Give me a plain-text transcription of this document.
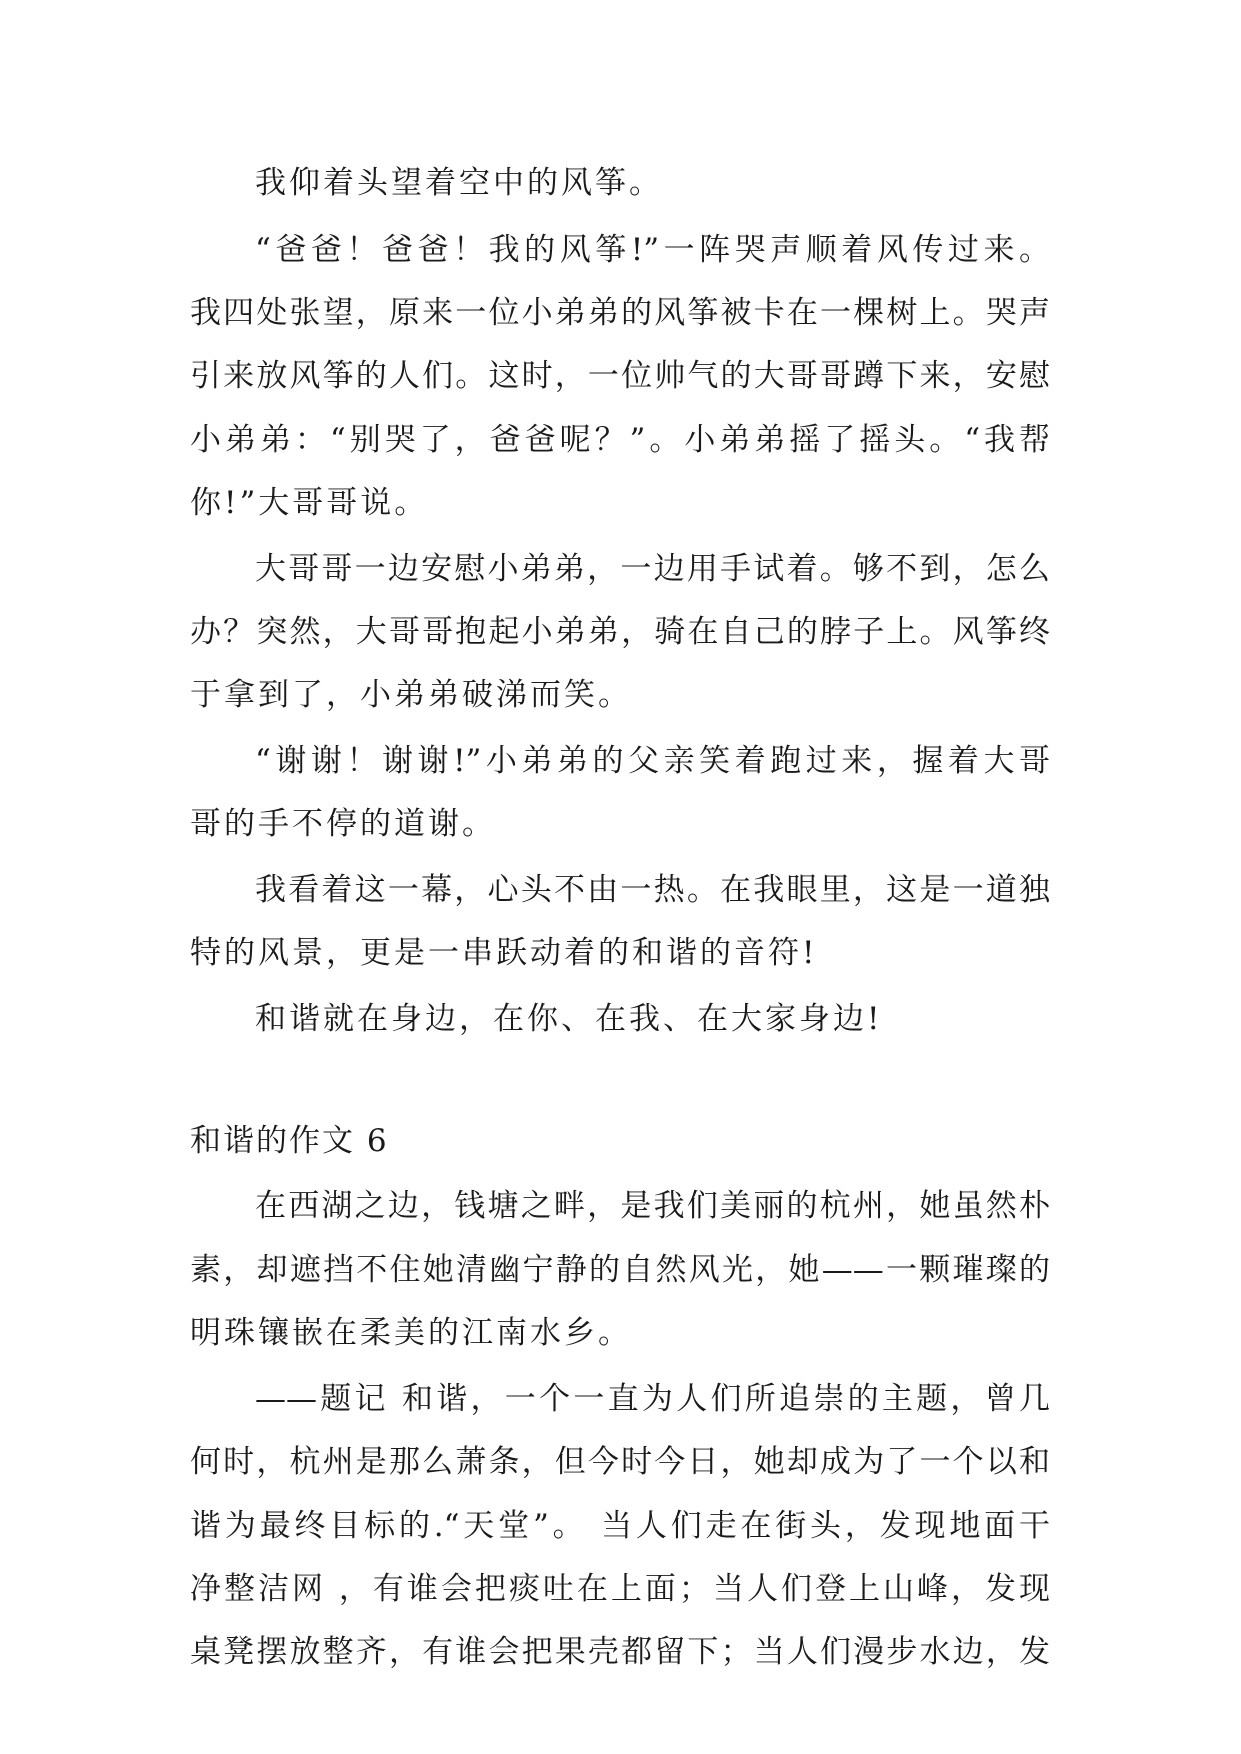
我仰着头望着空中的风筝。
“爸爸！爸爸！我的风筝!”一阵哭声顺着风传过来。
我四处张望，原来一位小弟弟的风筝被卡在一棵树上。哭声
引来放风筝的人们。这时，一位帅气的大哥哥蹲下来，安慰
小弟弟：“别哭了，爸爸呢？”。小弟弟摇了摇头。“我帮
你!”大哥哥说。
大哥哥一边安慰小弟弟，一边用手试着。够不到，怎么
办？突然，大哥哥抱起小弟弟，骑在自己的脖子上。风筝终
于拿到了，小弟弟破涕而笑。
“谢谢！谢谢!”小弟弟的父亲笑着跑过来，握着大哥
哥的手不停的道谢。
我看着这一幕，心头不由一热。在我眼里，这是一道独
特的风景，更是一串跃动着的和谐的音符!
和谐就在身边，在你、在我、在大家身边!
和谐的作文 6
在西湖之边，钱塘之畔，是我们美丽的杭州，她虽然朴
素，却遮挡不住她清幽宁静的自然风光，她——一颗璀璨的
明珠镶嵌在柔美的江南水乡。
——题记 和谐，一个一直为人们所追崇的主题，曾几
何时，杭州是那么萧条，但今时今日，她却成为了一个以和
谐为最终目标的.“天堂”。 当人们走在街头，发现地面干
净整洁网 ，有谁会把痰吐在上面；当人们登上山峰，发现
桌凳摆放整齐，有谁会把果壳都留下；当人们漫步水边，发
